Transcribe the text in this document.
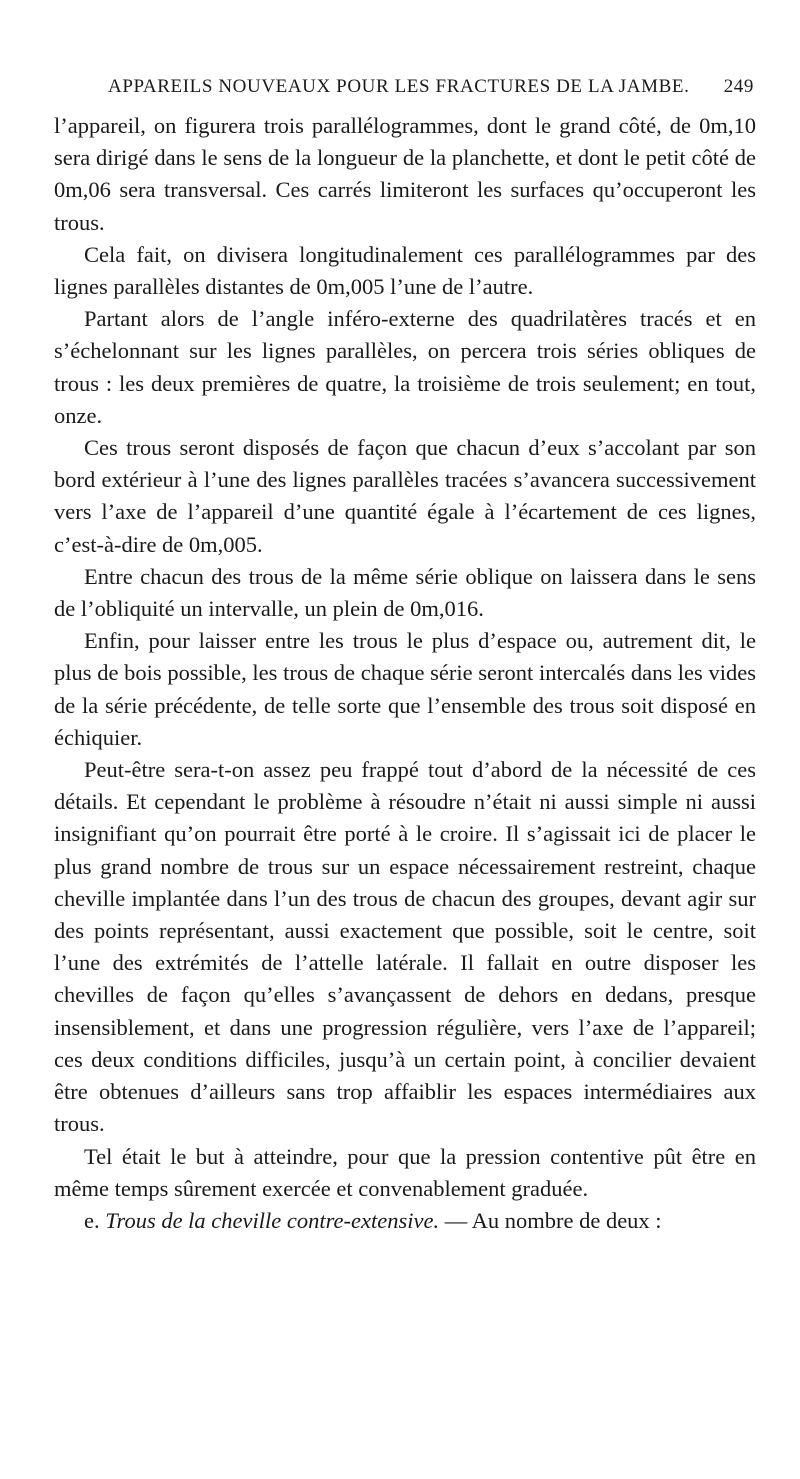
APPAREILS NOUVEAUX POUR LES FRACTURES DE LA JAMBE. 249

l’appareil, on figurera trois parallélogrammes, dont le grand côté, de 0m,10 sera dirigé dans le sens de la longueur de la planchette, et dont le petit côté de 0m,06 sera transversal. Ces carrés limiteront les surfaces qu’occuperont les trous.

Cela fait, on divisera longitudinalement ces parallélogrammes par des lignes parallèles distantes de 0m,005 l’une de l’autre.

Partant alors de l’angle inféro-externe des quadrilatères tracés et en s’échelonnant sur les lignes parallèles, on percera trois séries obliques de trous : les deux premières de quatre, la troisième de trois seulement; en tout, onze.

Ces trous seront disposés de façon que chacun d’eux s’accolant par son bord extérieur à l’une des lignes parallèles tracées s’avancera successivement vers l’axe de l’appareil d’une quantité égale à l’écartement de ces lignes, c’est-à-dire de 0m,005.

Entre chacun des trous de la même série oblique on laissera dans le sens de l’obliquité un intervalle, un plein de 0m,016.

Enfin, pour laisser entre les trous le plus d’espace ou, autrement dit, le plus de bois possible, les trous de chaque série seront intercalés dans les vides de la série précédente, de telle sorte que l’ensemble des trous soit disposé en échiquier.

Peut-être sera-t-on assez peu frappé tout d’abord de la nécessité de ces détails. Et cependant le problème à résoudre n’était ni aussi simple ni aussi insignifiant qu’on pourrait être porté à le croire. Il s’agissait ici de placer le plus grand nombre de trous sur un espace nécessairement restreint, chaque cheville implantée dans l’un des trous de chacun des groupes, devant agir sur des points représentant, aussi exactement que possible, soit le centre, soit l’une des extrémités de l’attelle latérale. Il fallait en outre disposer les chevilles de façon qu’elles s’avançassent de dehors en dedans, presque insensiblement, et dans une progression régulière, vers l’axe de l’appareil; ces deux conditions difficiles, jusqu’à un certain point, à concilier devaient être obtenues d’ailleurs sans trop affaiblir les espaces intermédiaires aux trous.

Tel était le but à atteindre, pour que la pression contentive pût être en même temps sûrement exercée et convenablement graduée.

e. Trous de la cheville contre-extensive. — Au nombre de deux :
